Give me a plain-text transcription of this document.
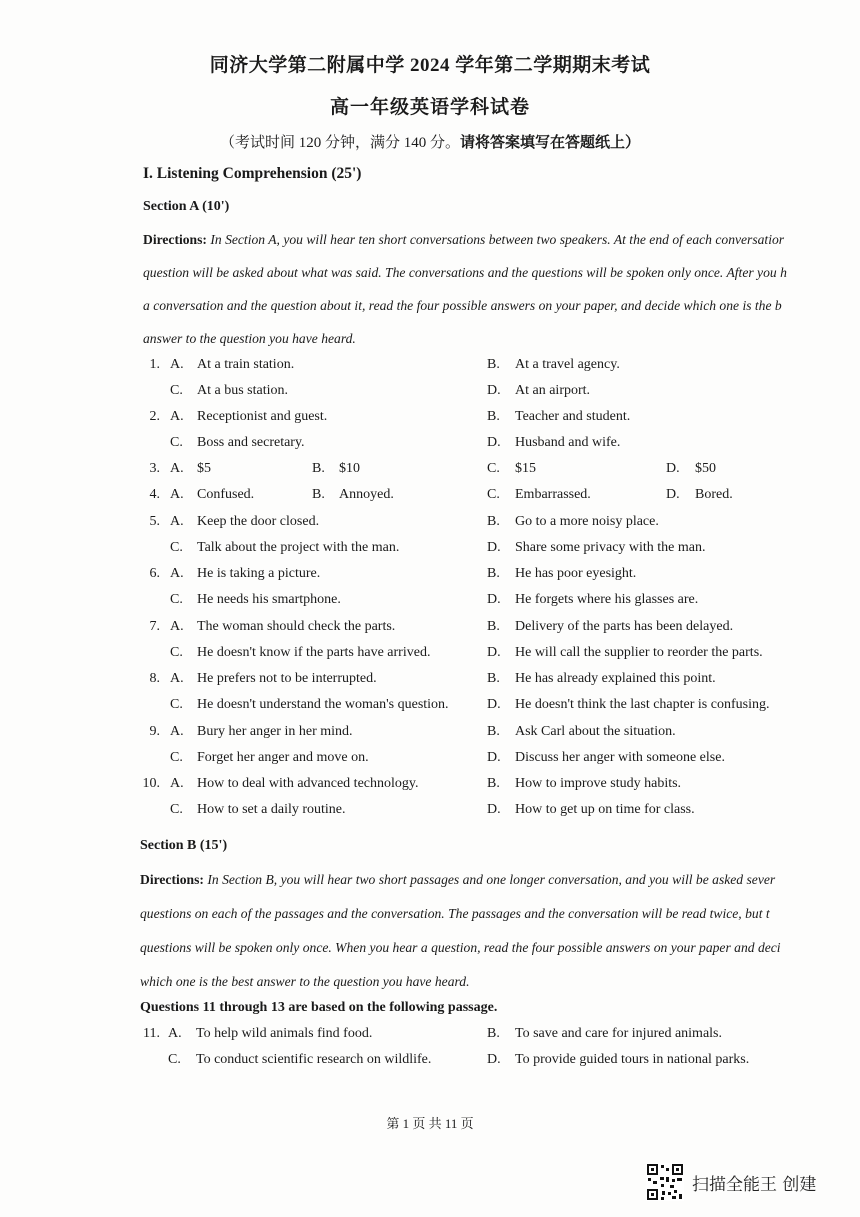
同济大学第二附属中学 2024 学年第二学期期末考试
高一年级英语学科试卷
（考试时间 120 分钟，满分 140 分。请将答案填写在答题纸上）
I. Listening Comprehension (25')
Section A (10')
Directions: In Section A, you will hear ten short conversations between two speakers. At the end of each conversatior
question will be asked about what was said. The conversations and the questions will be spoken only once. After you h
a conversation and the question about it, read the four possible answers on your paper, and decide which one is the b
answer to the question you have heard.
1. A. At a train station.	B. At a travel agency.
C. At a bus station.	D. At an airport.
2. A. Receptionist and guest.	B. Teacher and student.
C. Boss and secretary.	D. Husband and wife.
3. A. $5	B. $10	C. $15	D. $50
4. A. Confused.	B. Annoyed.	C. Embarrassed.	D. Bored.
5. A. Keep the door closed.	B. Go to a more noisy place.
C. Talk about the project with the man.	D. Share some privacy with the man.
6. A. He is taking a picture.	B. He has poor eyesight.
C. He needs his smartphone.	D. He forgets where his glasses are.
7. A. The woman should check the parts.	B. Delivery of the parts has been delayed.
C. He doesn't know if the parts have arrived.	D. He will call the supplier to reorder the parts.
8. A. He prefers not to be interrupted.	B. He has already explained this point.
C. He doesn't understand the woman's question.	D. He doesn't think the last chapter is confusing.
9. A. Bury her anger in her mind.	B. Ask Carl about the situation.
C. Forget her anger and move on.	D. Discuss her anger with someone else.
10. A. How to deal with advanced technology.	B. How to improve study habits.
C. How to set a daily routine.	D. How to get up on time for class.
Section B (15')
Directions: In Section B, you will hear two short passages and one longer conversation, and you will be asked sever
questions on each of the passages and the conversation. The passages and the conversation will be read twice, but t
questions will be spoken only once. When you hear a question, read the four possible answers on your paper and deci
which one is the best answer to the question you have heard.
Questions 11 through 13 are based on the following passage.
11. A. To help wild animals find food.	B. To save and care for injured animals.
C. To conduct scientific research on wildlife.	D. To provide guided tours in national parks.
第 1 页 共 11 页
扫描全能王 创建
